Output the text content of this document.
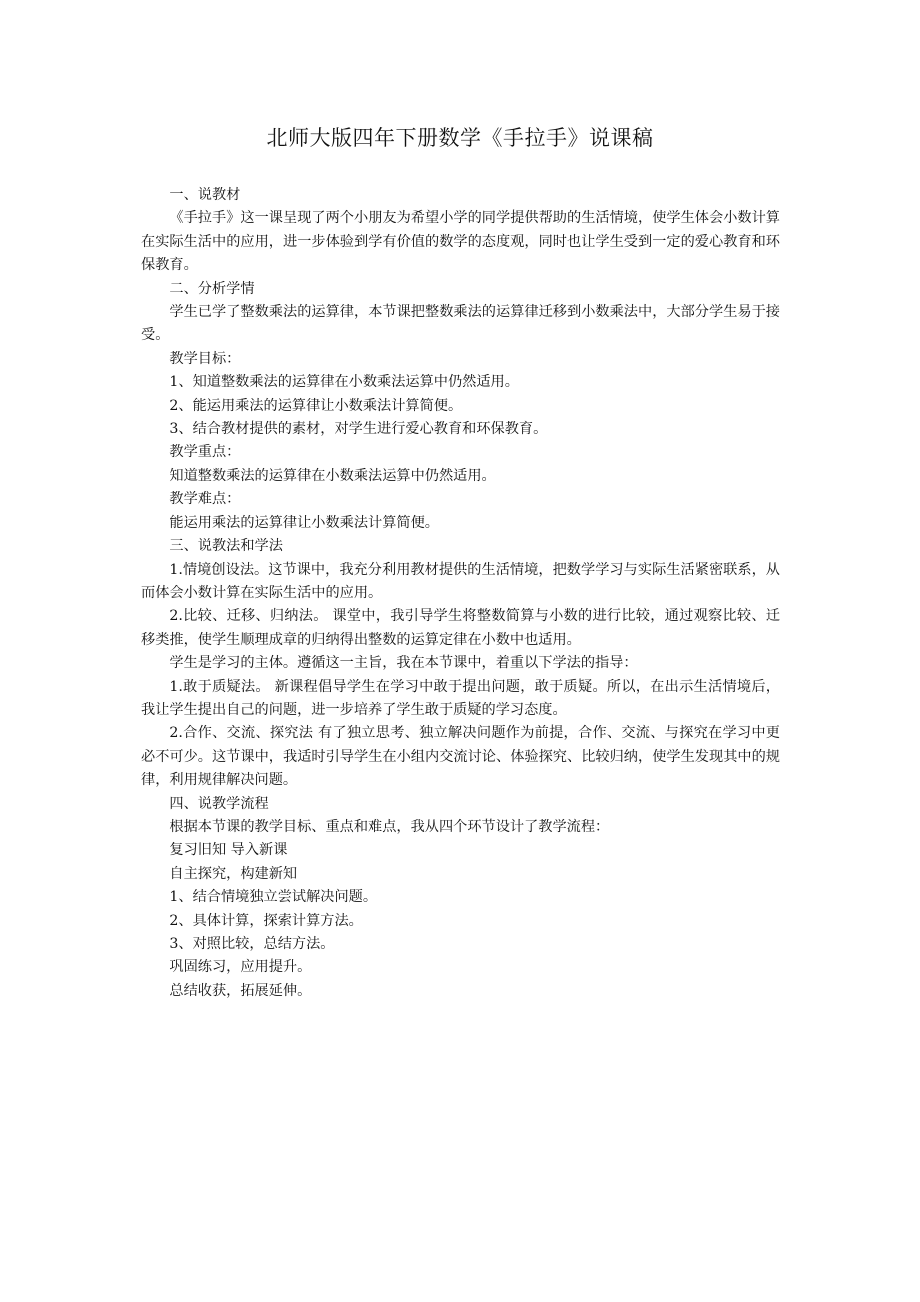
北师大版四年下册数学《手拉手》说课稿

一、说教材

《手拉手》这一课呈现了两个小朋友为希望小学的同学提供帮助的生活情境，使学生体会小数计算在实际生活中的应用，进一步体验到学有价值的数学的态度观，同时也让学生受到一定的爱心教育和环保教育。

二、分析学情

学生已学了整数乘法的运算律，本节课把整数乘法的运算律迁移到小数乘法中，大部分学生易于接受。

教学目标：

1、知道整数乘法的运算律在小数乘法运算中仍然适用。

2、能运用乘法的运算律让小数乘法计算简便。

3、结合教材提供的素材，对学生进行爱心教育和环保教育。

教学重点：

知道整数乘法的运算律在小数乘法运算中仍然适用。

教学难点：

能运用乘法的运算律让小数乘法计算简便。

三、说教法和学法

1.情境创设法。这节课中，我充分利用教材提供的生活情境，把数学学习与实际生活紧密联系，从而体会小数计算在实际生活中的应用。

2.比较、迁移、归纳法。 课堂中，我引导学生将整数简算与小数的进行比较，通过观察比较、迁移类推，使学生顺理成章的归纳得出整数的运算定律在小数中也适用。

学生是学习的主体。遵循这一主旨，我在本节课中，着重以下学法的指导：

1.敢于质疑法。 新课程倡导学生在学习中敢于提出问题，敢于质疑。所以，在出示生活情境后，我让学生提出自己的问题，进一步培养了学生敢于质疑的学习态度。

2.合作、交流、探究法 有了独立思考、独立解决问题作为前提，合作、交流、与探究在学习中更必不可少。这节课中，我适时引导学生在小组内交流讨论、体验探究、比较归纳，使学生发现其中的规律，利用规律解决问题。

四、说教学流程

根据本节课的教学目标、重点和难点，我从四个环节设计了教学流程：

复习旧知 导入新课

自主探究，构建新知

1、结合情境独立尝试解决问题。

2、具体计算，探索计算方法。

3、对照比较，总结方法。

巩固练习，应用提升。

总结收获，拓展延伸。
